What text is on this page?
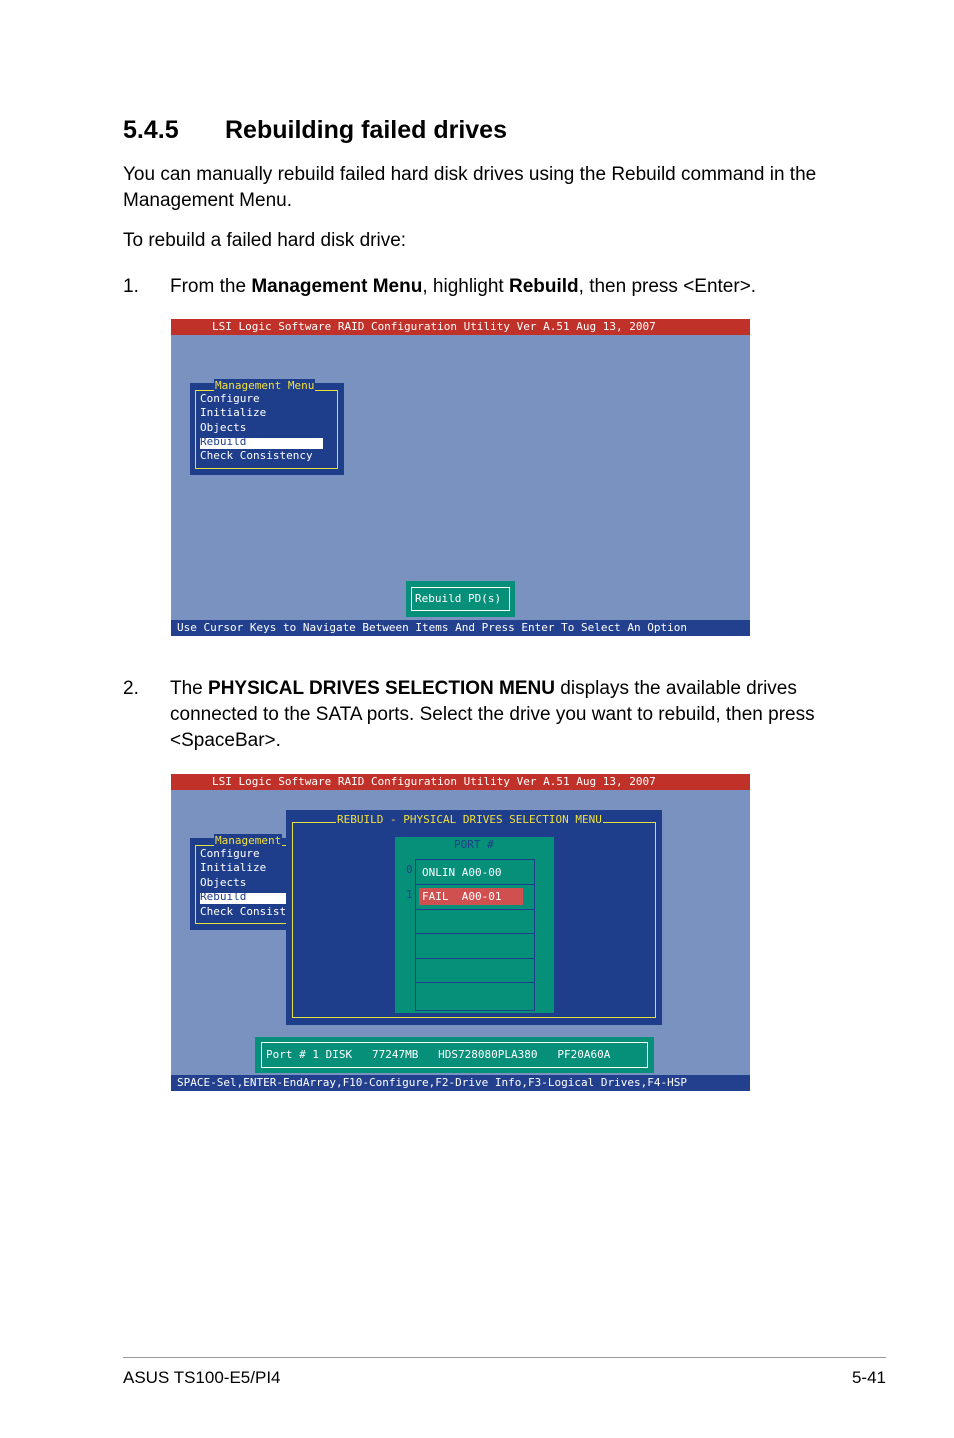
5.4.5 Rebuilding failed drives
You can manually rebuild failed hard disk drives using the Rebuild command in the Management Menu.
To rebuild a failed hard disk drive:
1. From the Management Menu, highlight Rebuild, then press <Enter>.
LSI Logic Software RAID Configuration Utility Ver A.51 Aug 13, 2007
Management Menu
Configure
Initialize
Objects
Rebuild
Check Consistency
Rebuild PD(s)
Use Cursor Keys to Navigate Between Items And Press Enter To Select An Option
2. The PHYSICAL DRIVES SELECTION MENU displays the available drives connected to the SATA ports. Select the drive you want to rebuild, then press <SpaceBar>.
LSI Logic Software RAID Configuration Utility Ver A.51 Aug 13, 2007
Management
Configure
Initialize
Objects
Rebuild
Check Consist
REBUILD - PHYSICAL DRIVES SELECTION MENU
PORT #
ONLIN A00-00
FAIL  A00-01
0
1
Port # 1 DISK   77247MB   HDS728080PLA380   PF20A60A
SPACE-Sel,ENTER-EndArray,F10-Configure,F2-Drive Info,F3-Logical Drives,F4-HSP
ASUS TS100-E5/PI4	5-41
